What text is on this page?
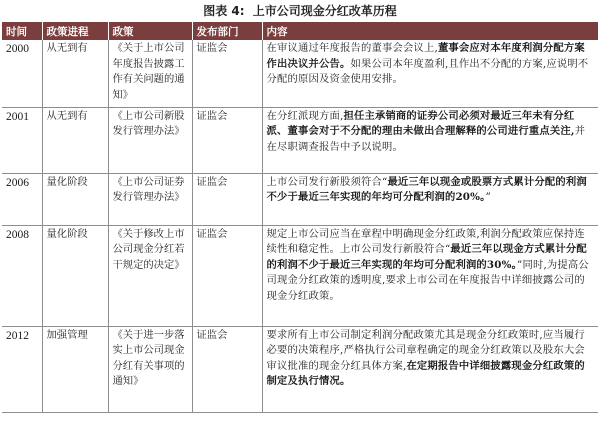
图表 4: 上市公司现金分红改革历程
时间	政策进程	政策	发布部门	内容
2000	从无到有	《关于上市公司年度报告披露工作有关问题的通知》	证监会	在审议通过年度报告的董事会会议上,董事会应对本年度利润分配方案作出决议并公告。如果公司本年度盈利,且作出不分配的方案,应说明不分配的原因及资金使用安排。
2001	从无到有	《上市公司新股发行管理办法》	证监会	在分红派现方面,担任主承销商的证券公司必须对最近三年未有分红派、董事会对于不分配的理由未做出合理解释的公司进行重点关注,并在尽职调查报告中予以说明。
2006	量化阶段	《上市公司证券发行管理办法》	证监会	上市公司发行新股须符合“最近三年以现金或股票方式累计分配的利润不少于最近三年实现的年均可分配利润的20%。”
2008	量化阶段	《关于修改上市公司现金分红若干规定的决定》	证监会	规定上市公司应当在章程中明确现金分红政策,利润分配政策应保持连续性和稳定性。上市公司发行新股符合“最近三年以现金方式累计分配的利润不少于最近三年实现的年均可分配利润的30%。”同时,为提高公司现金分红政策的透明度,要求上市公司在年度报告中详细披露公司的现金分红政策。
2012	加强管理	《关于进一步落实上市公司现金分红有关事项的通知》	证监会	要求所有上市公司制定利润分配政策尤其是现金分红政策时,应当履行必要的决策程序,严格执行公司章程确定的现金分红政策以及股东大会审议批准的现金分红具体方案,在定期报告中详细披露现金分红政策的制定及执行情况。
